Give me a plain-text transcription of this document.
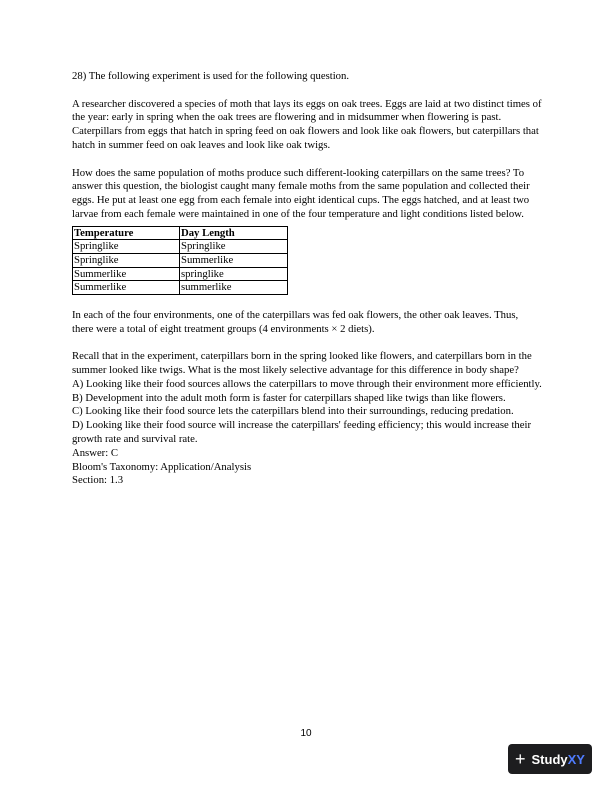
28) The following experiment is used for the following question.

A researcher discovered a species of moth that lays its eggs on oak trees. Eggs are laid at two distinct times of the year: early in spring when the oak trees are flowering and in midsummer when flowering is past. Caterpillars from eggs that hatch in spring feed on oak flowers and look like oak flowers, but caterpillars that hatch in summer feed on oak leaves and look like oak twigs.

How does the same population of moths produce such different-looking caterpillars on the same trees? To answer this question, the biologist caught many female moths from the same population and collected their eggs. He put at least one egg from each female into eight identical cups. The eggs hatched, and at least two larvae from each female were maintained in one of the four temperature and light conditions listed below.

Temperature	Day Length
Springlike	Springlike
Springlike	Summerlike
Summerlike	springlike
Summerlike	summerlike

In each of the four environments, one of the caterpillars was fed oak flowers, the other oak leaves. Thus, there were a total of eight treatment groups (4 environments × 2 diets).

Recall that in the experiment, caterpillars born in the spring looked like flowers, and caterpillars born in the summer looked like twigs. What is the most likely selective advantage for this difference in body shape?
A) Looking like their food sources allows the caterpillars to move through their environment more efficiently.
B) Development into the adult moth form is faster for caterpillars shaped like twigs than like flowers.
C) Looking like their food source lets the caterpillars blend into their surroundings, reducing predation.
D) Looking like their food source will increase the caterpillars' feeding efficiency; this would increase their growth rate and survival rate.
Answer: C
Bloom's Taxonomy: Application/Analysis
Section: 1.3
10
+ StudyXY
